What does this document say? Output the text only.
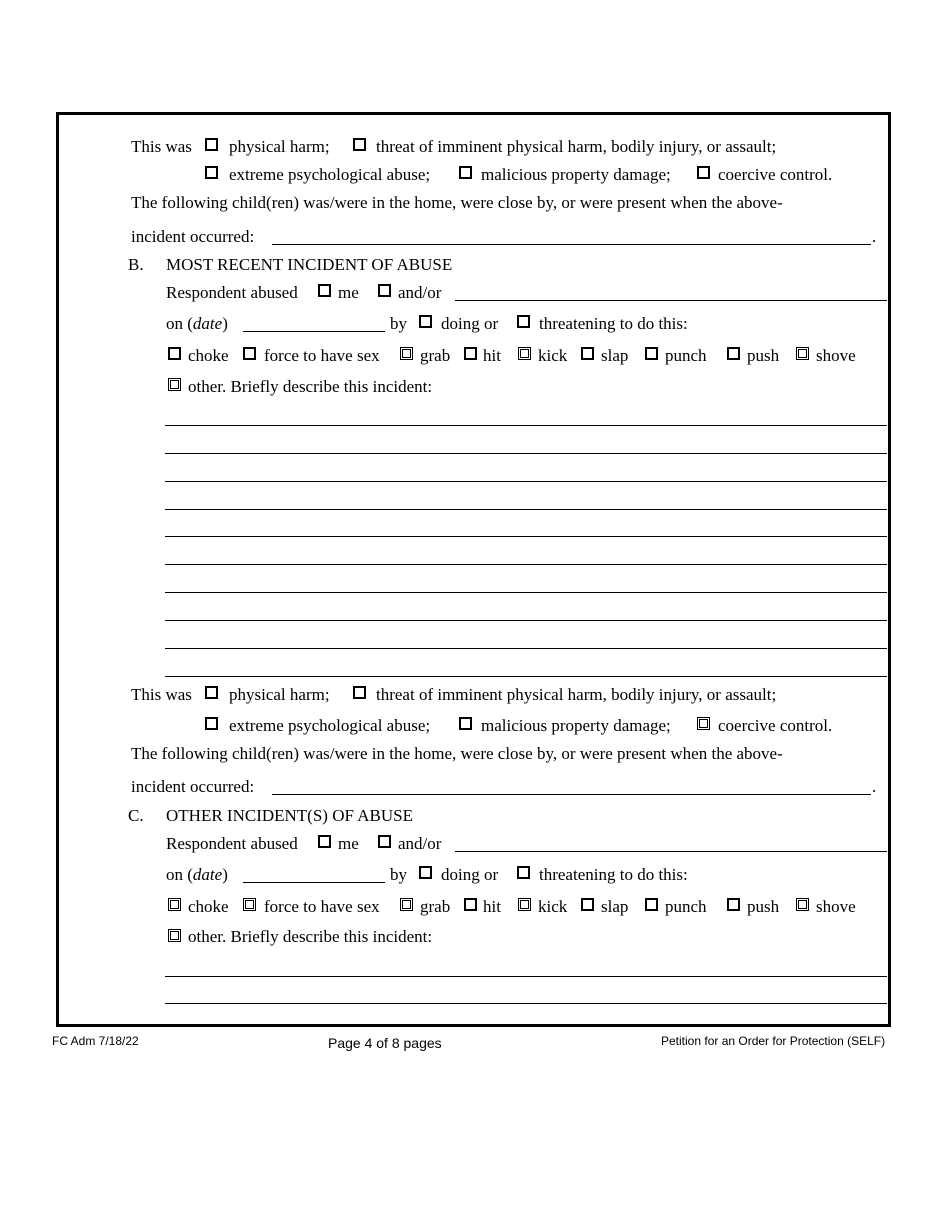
This was physical harm;	threat of imminent physical harm, bodily injury, or assault;
extreme psychological abuse;	malicious property damage;	coercive control.
The following child(ren) was/were in the home, were close by, or were present when the above-
incident occurred:	.
B. MOST RECENT INCIDENT OF ABUSE
Respondent abused me and/or
on (date)	by doing or threatening to do this:
choke force to have sex grab hit kick slap punch push shove
other. Briefly describe this incident:
This was physical harm;	threat of imminent physical harm, bodily injury, or assault;
extreme psychological abuse;	malicious property damage;	coercive control.
The following child(ren) was/were in the home, were close by, or were present when the above-
incident occurred:	.
C. OTHER INCIDENT(S) OF ABUSE
Respondent abused me and/or
on (date)	by doing or threatening to do this:
choke force to have sex grab hit kick slap punch push shove
other. Briefly describe this incident:
FC Adm 7/18/22	Page 4 of 8 pages	Petition for an Order for Protection (SELF)
